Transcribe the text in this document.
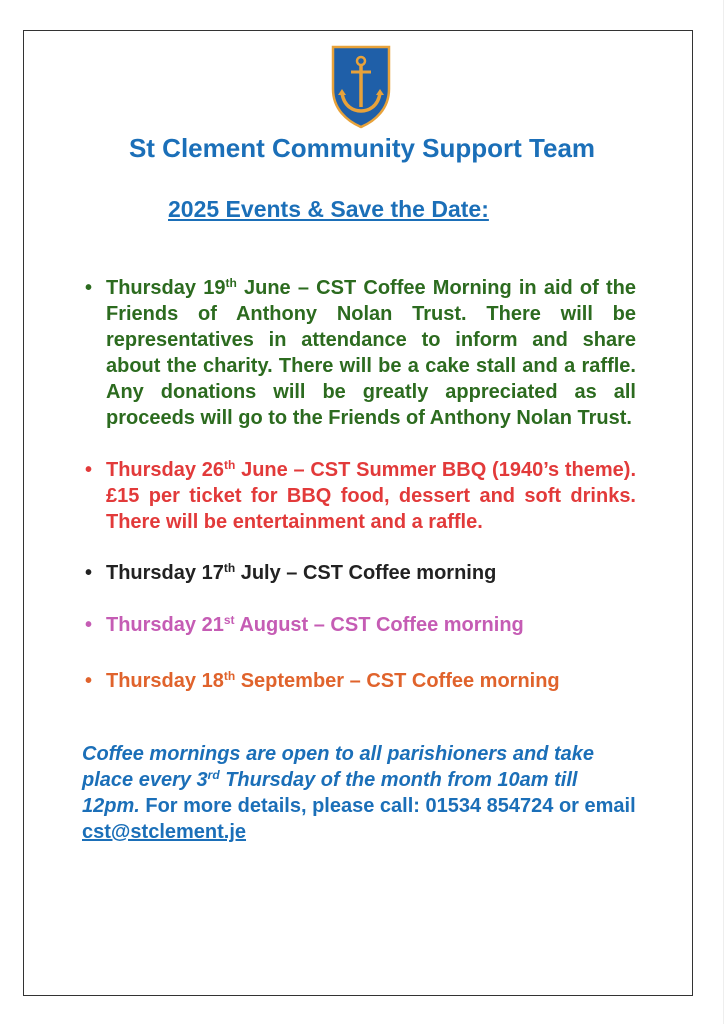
St Clement Community Support Team
2025 Events & Save the Date:
• Thursday 19th June – CST Coffee Morning in aid of the Friends of Anthony Nolan Trust. There will be representatives in attendance to inform and share about the charity. There will be a cake stall and a raffle. Any donations will be greatly appreciated as all proceeds will go to the Friends of Anthony Nolan Trust.
• Thursday 26th June – CST Summer BBQ (1940’s theme). £15 per ticket for BBQ food, dessert and soft drinks. There will be entertainment and a raffle.
• Thursday 17th July – CST Coffee morning
• Thursday 21st August – CST Coffee morning
• Thursday 18th September – CST Coffee morning

Coffee mornings are open to all parishioners and take place every 3rd Thursday of the month from 10am till 12pm. For more details, please call: 01534 854724 or email cst@stclement.je
